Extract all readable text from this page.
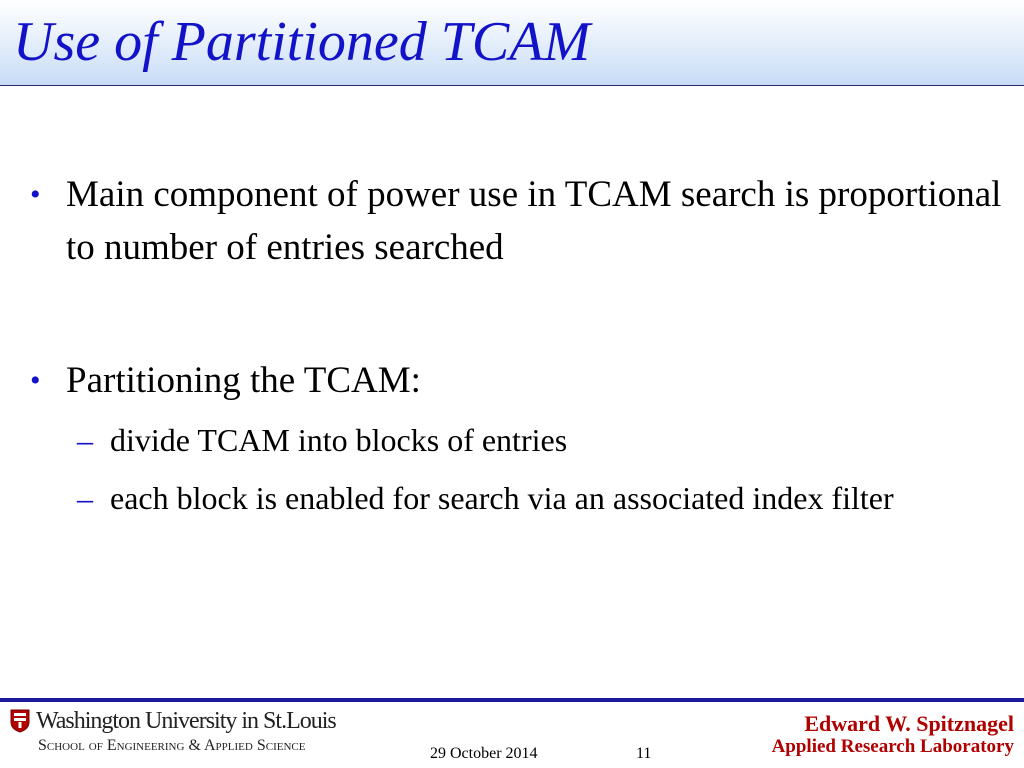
Use of Partitioned TCAM
• Main component of power use in TCAM search is proportional to number of entries searched
• Partitioning the TCAM:
– divide TCAM into blocks of entries
– each block is enabled for search via an associated index filter
Washington University in St.Louis
School of Engineering & Applied Science	29 October 2014	11
Edward W. Spitznagel
Applied Research Laboratory
